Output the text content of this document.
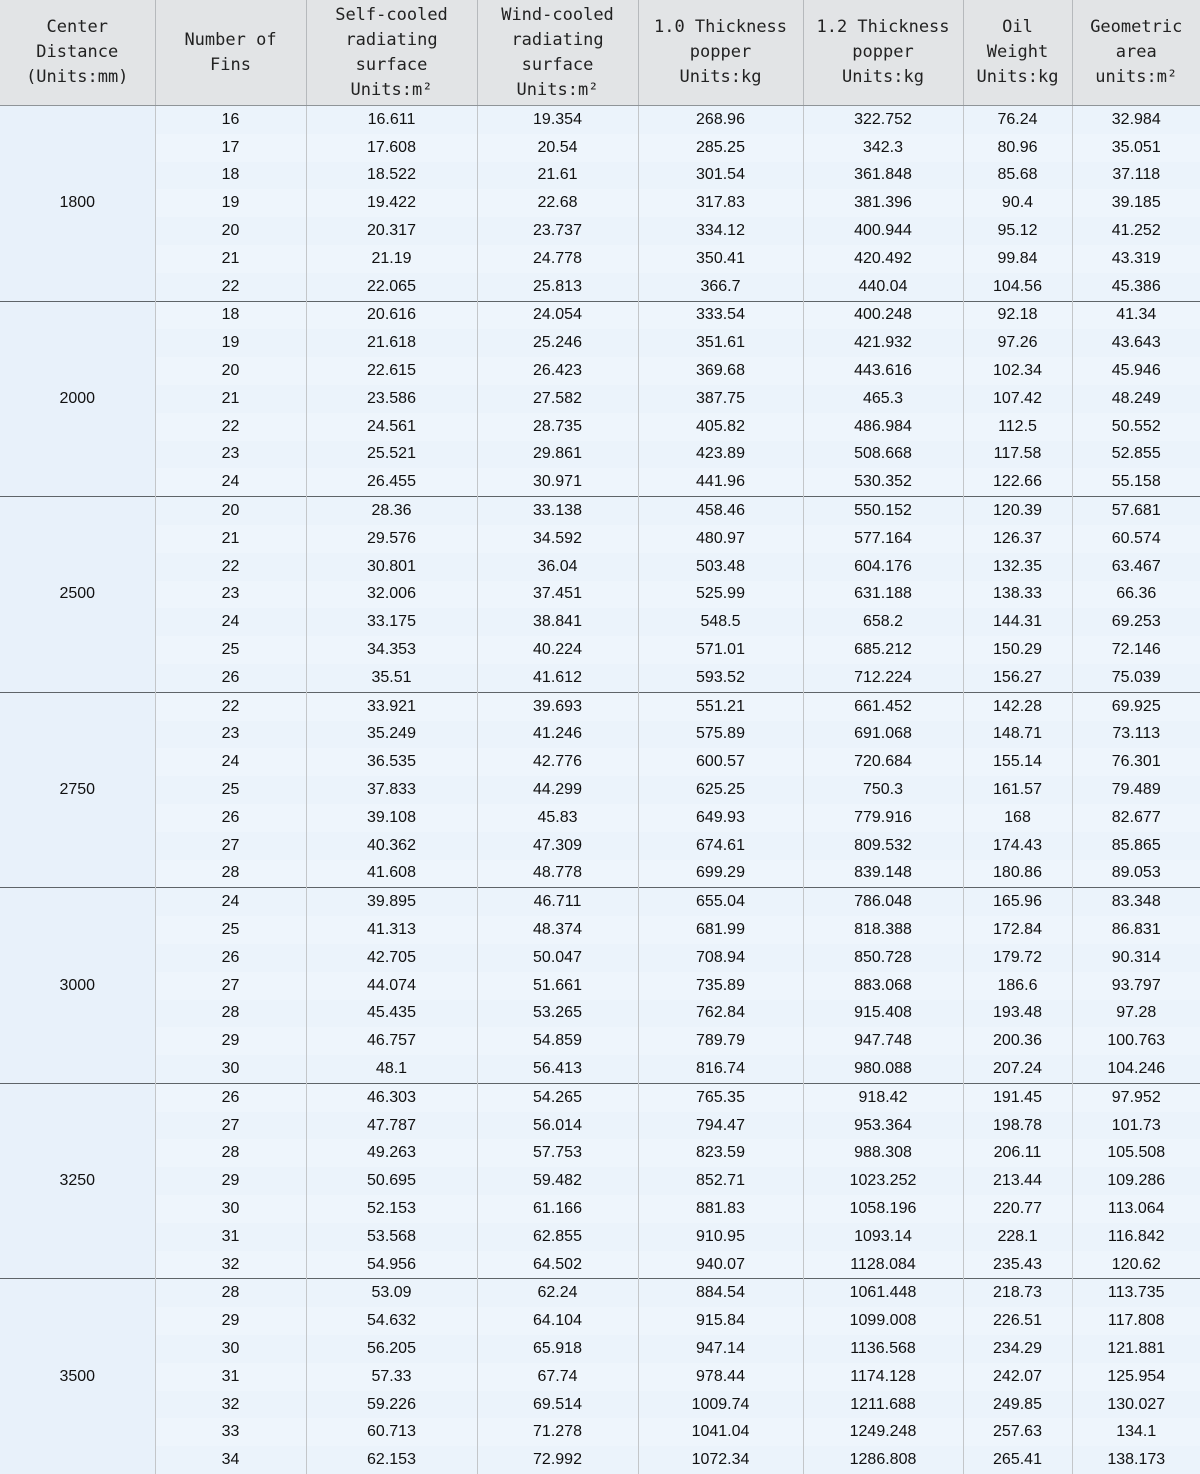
Center
Distance
(Units:mm)	Number of
Fins	Self-cooled
radiating
surface
Units:m²	Wind-cooled
radiating
surface
Units:m²	1.0 Thickness
popper
Units:kg	1.2 Thickness
popper
Units:kg	Oil
Weight
Units:kg	Geometric
area
units:m²
1800	16	16.611	19.354	268.96	322.752	76.24	32.984
	17	17.608	20.54	285.25	342.3	80.96	35.051
	18	18.522	21.61	301.54	361.848	85.68	37.118
	19	19.422	22.68	317.83	381.396	90.4	39.185
	20	20.317	23.737	334.12	400.944	95.12	41.252
	21	21.19	24.778	350.41	420.492	99.84	43.319
	22	22.065	25.813	366.7	440.04	104.56	45.386
2000	18	20.616	24.054	333.54	400.248	92.18	41.34
	19	21.618	25.246	351.61	421.932	97.26	43.643
	20	22.615	26.423	369.68	443.616	102.34	45.946
	21	23.586	27.582	387.75	465.3	107.42	48.249
	22	24.561	28.735	405.82	486.984	112.5	50.552
	23	25.521	29.861	423.89	508.668	117.58	52.855
	24	26.455	30.971	441.96	530.352	122.66	55.158
2500	20	28.36	33.138	458.46	550.152	120.39	57.681
	21	29.576	34.592	480.97	577.164	126.37	60.574
	22	30.801	36.04	503.48	604.176	132.35	63.467
	23	32.006	37.451	525.99	631.188	138.33	66.36
	24	33.175	38.841	548.5	658.2	144.31	69.253
	25	34.353	40.224	571.01	685.212	150.29	72.146
	26	35.51	41.612	593.52	712.224	156.27	75.039
2750	22	33.921	39.693	551.21	661.452	142.28	69.925
	23	35.249	41.246	575.89	691.068	148.71	73.113
	24	36.535	42.776	600.57	720.684	155.14	76.301
	25	37.833	44.299	625.25	750.3	161.57	79.489
	26	39.108	45.83	649.93	779.916	168	82.677
	27	40.362	47.309	674.61	809.532	174.43	85.865
	28	41.608	48.778	699.29	839.148	180.86	89.053
3000	24	39.895	46.711	655.04	786.048	165.96	83.348
	25	41.313	48.374	681.99	818.388	172.84	86.831
	26	42.705	50.047	708.94	850.728	179.72	90.314
	27	44.074	51.661	735.89	883.068	186.6	93.797
	28	45.435	53.265	762.84	915.408	193.48	97.28
	29	46.757	54.859	789.79	947.748	200.36	100.763
	30	48.1	56.413	816.74	980.088	207.24	104.246
3250	26	46.303	54.265	765.35	918.42	191.45	97.952
	27	47.787	56.014	794.47	953.364	198.78	101.73
	28	49.263	57.753	823.59	988.308	206.11	105.508
	29	50.695	59.482	852.71	1023.252	213.44	109.286
	30	52.153	61.166	881.83	1058.196	220.77	113.064
	31	53.568	62.855	910.95	1093.14	228.1	116.842
	32	54.956	64.502	940.07	1128.084	235.43	120.62
3500	28	53.09	62.24	884.54	1061.448	218.73	113.735
	29	54.632	64.104	915.84	1099.008	226.51	117.808
	30	56.205	65.918	947.14	1136.568	234.29	121.881
	31	57.33	67.74	978.44	1174.128	242.07	125.954
	32	59.226	69.514	1009.74	1211.688	249.85	130.027
	33	60.713	71.278	1041.04	1249.248	257.63	134.1
	34	62.153	72.992	1072.34	1286.808	265.41	138.173
